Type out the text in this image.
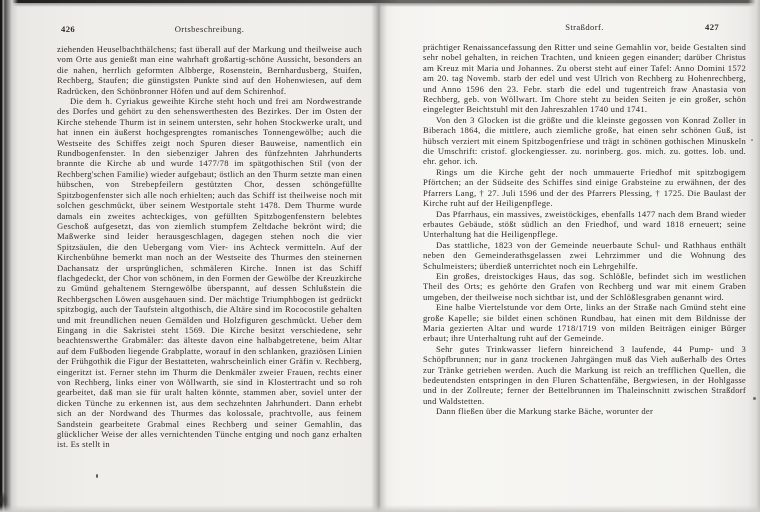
426	Ortsbeschreibung.

ziehenden Heuselbachthälchens; fast überall auf der Markung und theilweise auch vom Orte aus genießt man eine wahrhaft großartig-schöne Aussicht, besonders an die nahen, herrlich geformten Albberge, Rosenstein, Bernhardusberg, Stuifen, Rechberg, Staufen; die günstigsten Punkte sind auf den Hohenwiesen, auf dem Radrücken, den Schönbronner Höfen und auf dem Schirenhof.

Die dem h. Cyriakus geweihte Kirche steht hoch und frei am Nordwestrande des Dorfes und gehört zu den sehenswerthesten des Bezirkes. Der im Osten der Kirche stehende Thurm ist in seinem untersten, sehr hohen Stockwerke uralt, und hat innen ein äußerst hochgesprengtes romanisches Tonnengewölbe; auch die Westseite des Schiffes zeigt noch Spuren dieser Bauweise, namentlich ein Rundbogenfenster. In den siebenziger Jahren des fünfzehnten Jahrhunderts brannte die Kirche ab und wurde 1477/78 im spätgothischen Stil (von der Rechberg'schen Familie) wieder aufgebaut; östlich an den Thurm setzte man einen hübschen, von Strebepfeilern gestützten Chor, dessen schöngefüllte Spitzbogenfenster sich alle noch erhielten; auch das Schiff ist theilweise noch mit solchen geschmückt, über seinem Westportale steht 1478. Dem Thurme wurde damals ein zweites achteckiges, von gefüllten Spitzbogenfenstern belebtes Geschoß aufgesetzt, das von ziemlich stumpfem Zeltdache bekrönt wird; die Maßwerke sind leider herausgeschlagen, dagegen stehen noch die vier Spitzsäulen, die den Uebergang vom Vier- ins Achteck vermitteln. Auf der Kirchenbühne bemerkt man noch an der Westseite des Thurmes den steinernen Dachansatz der ursprünglichen, schmäleren Kirche. Innen ist das Schiff flachgedeckt, der Chor von schönem, in den Formen der Gewölbe der Kreuzkirche zu Gmünd gehaltenem Sterngewölbe überspannt, auf dessen Schlußstein die Rechbergschen Löwen ausgehauen sind. Der mächtige Triumphbogen ist gedrückt spitzbogig, auch der Taufstein altgothisch, die Altäre sind im Rococostile gehalten und mit freundlichen neuen Gemälden und Holzfiguren geschmückt. Ueber dem Eingang in die Sakristei steht 1569. Die Kirche besitzt verschiedene, sehr beachtenswerthe Grabmäler: das älteste davon eine halbabgetretene, beim Altar auf dem Fußboden liegende Grabplatte, worauf in den schlanken, graziösen Linien der Frühgothik die Figur der Bestatteten, wahrscheinlich einer Gräfin v. Rechberg, eingeritzt ist. Ferner stehn im Thurm die Denkmäler zweier Frauen, rechts einer von Rechberg, links einer von Wöllwarth, sie sind in Klostertracht und so roh gearbeitet, daß man sie für uralt halten könnte, stammen aber, soviel unter der dicken Tünche zu erkennen ist, aus dem sechzehnten Jahrhundert. Dann erhebt sich an der Nordwand des Thurmes das kolossale, prachtvolle, aus feinem Sandstein gearbeitete Grabmal eines Rechberg und seiner Gemahlin, das glücklicher Weise der alles vernichtenden Tünche entging und noch ganz erhalten ist. Es stellt in

Straßdorf.	427

prächtiger Renaissancefassung den Ritter und seine Gemahlin vor, beide Gestalten sind sehr nobel gehalten, in reichen Trachten, und knieen gegen einander; darüber Christus am Kreuz mit Maria und Johannes. Zu oberst steht auf einer Tafel: Anno Domini 1572 am 20. tag Novemb. starb der edel und vest Ulrich von Rechberg zu Hohenrechberg, und Anno 1596 den 23. Febr. starb die edel und tugentreich fraw Anastasia von Rechberg, geb. von Wöllwart. Im Chore steht zu beiden Seiten je ein großer, schön eingelegter Beichtstuhl mit den Jahreszahlen 1740 und 1741.

Von den 3 Glocken ist die größte und die kleinste gegossen von Konrad Zoller in Biberach 1864, die mittlere, auch ziemliche große, hat einen sehr schönen Guß, ist hübsch verziert mit einem Spitzbogenfriese und trägt in schönen gothischen Minuskeln die Umschrift: cristof. glockengiesser. zu. norinberg. gos. mich. zu. gottes. lob. und. ehr. gehor. ich.

Rings um die Kirche geht der noch ummauerte Friedhof mit spitzbogigem Pförtchen; an der Südseite des Schiffes sind einige Grabsteine zu erwähnen, der des Pfarrers Lang, † 27. Juli 1596 und der des Pfarrers Plessing, † 1725. Die Baulast der Kirche ruht auf der Heiligenpflege.

Das Pfarrhaus, ein massives, zweistöckiges, ebenfalls 1477 nach dem Brand wieder erbautes Gebäude, stößt südlich an den Friedhof, und ward 1818 erneuert; seine Unterhaltung hat die Heiligenpflege.

Das stattliche, 1823 von der Gemeinde neuerbaute Schul- und Rathhaus enthält neben den Gemeinderathsgelassen zwei Lehrzimmer und die Wohnung des Schulmeisters; überdieß unterrichtet noch ein Lehrgehilfe.

Ein großes, dreistockiges Haus, das sog. Schlößle, befindet sich im westlichen Theil des Orts; es gehörte den Grafen von Rechberg und war mit einem Graben umgeben, der theilweise noch sichtbar ist, und der Schlößlesgraben genannt wird.

Eine halbe Viertelstunde vor dem Orte, links an der Straße nach Gmünd steht eine große Kapelle; sie bildet einen schönen Rundbau, hat einen mit dem Bildnisse der Maria gezierten Altar und wurde 1718/1719 von milden Beiträgen einiger Bürger erbaut; ihre Unterhaltung ruht auf der Gemeinde.

Sehr gutes Trinkwasser liefern hinreichend 3 laufende, 44 Pump- und 3 Schöpfbrunnen; nur in ganz trockenen Jahrgängen muß das Vieh außerhalb des Ortes zur Tränke getrieben werden. Auch die Markung ist reich an trefflichen Quellen, die bedeutendsten entspringen in den Fluren Schattenfähe, Bergwiesen, in der Hohlgasse und in der Zollreute; ferner der Bettelbrunnen im Thaleinschnitt zwischen Straßdorf und Waldstetten.

Dann fließen über die Markung starke Bäche, worunter der
